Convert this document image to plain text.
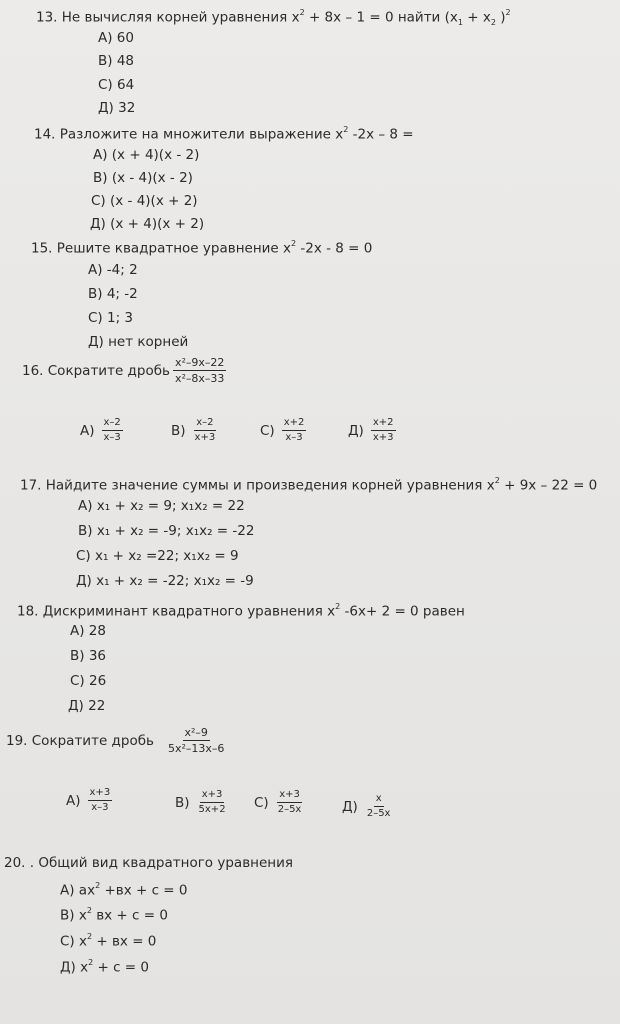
13. Не вычисляя корней уравнения $x^2 + 8x - 1 = 0$ найти ($x_1 + x_2$ )$^2$
А) 60
В) 48
С) 64
Д) 32
14. Разложите на множители выражение $x^2$ -2x – 8 =
А) (x + 4)(x - 2)
В) (x - 4)(x - 2)
С) (x - 4)(x + 2)
Д) (x + 4)(x + 2)
15. Решите квадратное уравнение $x^2$ -2x - 8 = 0
А) -4; 2
В) 4; -2
С) 1; 3
Д) нет корней
16. Сократите дробь $\frac{\text{x²–9x–22}}{\text{x²–8x–33}}$
$А) \frac{x-2}{x-3}$	$В) \frac{x-2}{x+3}$	$С) \frac{x+2}{x-3}$	$Д) \frac{x+2}{x+3}$
17. Найдите значение суммы и произведения корней уравнения $x^2 + 9x - 22 = 0$
А) x₁ + x₂ = 9; x₁x₂ = 22
В) x₁ + x₂ = -9; x₁x₂ = -22
С) x₁ + x₂ =22; x₁x₂ = 9
Д) x₁ + x₂ = -22; x₁x₂ = -9
18. Дискриминант квадратного уравнения $x^2$ -6x+ 2 = 0 равен
А) 28
В) 36
С) 26
Д) 22
19. Сократите дробь $\frac{\text{x²–9}}{\text{5x²–13x–6}}$
$А) \frac{x+3}{x-3}$	$В) \frac{x+3}{5x+2} С) \frac{x+3}{2-5x}$	$Д) \frac{x}{2-5x}$
20. . Общий вид квадратного уравнения
А) $ax^2 +вx + c = 0$
В) $x^2$ вx + c = 0
С) $x^2$ + вx = 0
Д) $x^2 + c = 0$
